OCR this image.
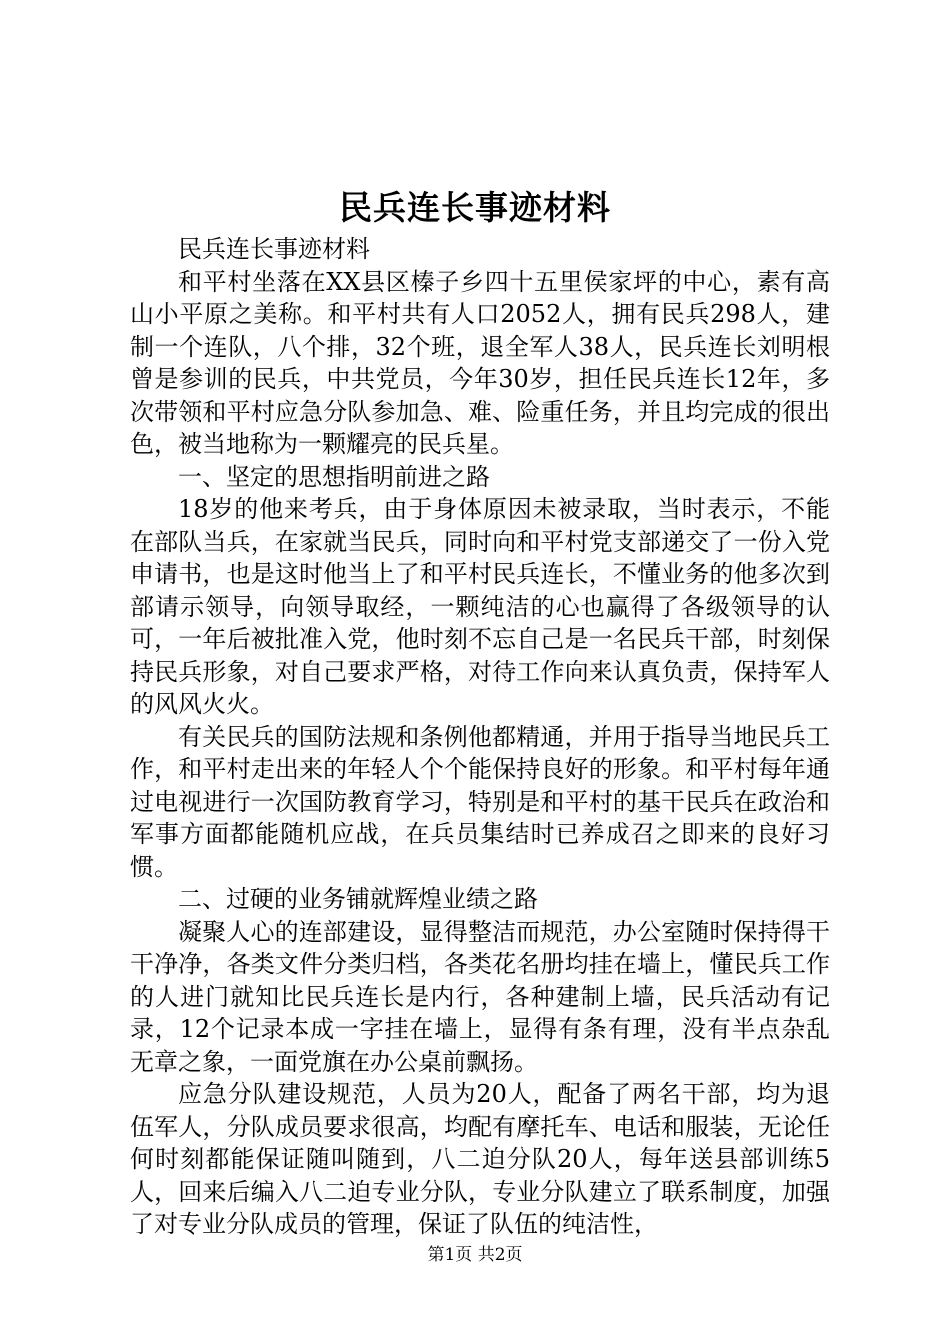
民兵连长事迹材料

民兵连长事迹材料

和平村坐落在XX县区榛子乡四十五里侯家坪的中心，素有高山小平原之美称。和平村共有人口2052人，拥有民兵298人，建制一个连队，八个排，32个班，退全军人38人，民兵连长刘明根曾是参训的民兵，中共党员，今年30岁，担任民兵连长12年，多次带领和平村应急分队参加急、难、险重任务，并且均完成的很出色，被当地称为一颗耀亮的民兵星。

一、坚定的思想指明前进之路

18岁的他来考兵，由于身体原因未被录取，当时表示，不能在部队当兵，在家就当民兵，同时向和平村党支部递交了一份入党申请书，也是这时他当上了和平村民兵连长，不懂业务的他多次到部请示领导，向领导取经，一颗纯洁的心也赢得了各级领导的认可，一年后被批准入党，他时刻不忘自己是一名民兵干部，时刻保持民兵形象，对自己要求严格，对待工作向来认真负责，保持军人的风风火火。

有关民兵的国防法规和条例他都精通，并用于指导当地民兵工作，和平村走出来的年轻人个个能保持良好的形象。和平村每年通过电视进行一次国防教育学习，特别是和平村的基干民兵在政治和军事方面都能随机应战，在兵员集结时已养成召之即来的良好习惯。

二、过硬的业务铺就辉煌业绩之路

凝聚人心的连部建设，显得整洁而规范，办公室随时保持得干干净净，各类文件分类归档，各类花名册均挂在墙上，懂民兵工作的人进门就知比民兵连长是内行，各种建制上墙，民兵活动有记录，12个记录本成一字挂在墙上，显得有条有理，没有半点杂乱无章之象，一面党旗在办公桌前飘扬。

应急分队建设规范，人员为20人，配备了两名干部，均为退伍军人，分队成员要求很高，均配有摩托车、电话和服装，无论任何时刻都能保证随叫随到，八二迫分队20人，每年送县部训练5人，回来后编入八二迫专业分队，专业分队建立了联系制度，加强了对专业分队成员的管理，保证了队伍的纯洁性，

第1页 共2页
